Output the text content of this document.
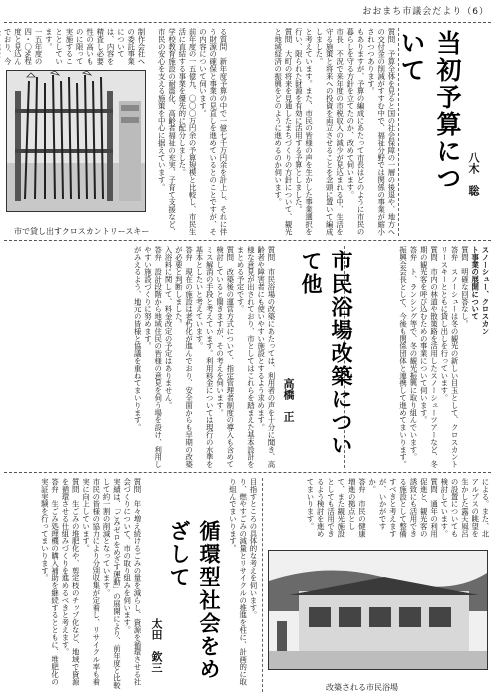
おおまち市議会だより（6）
当初予算について
八木　聡

質問　予算全体を見ると国の社会保障の一層の後退や、地方への交付金の削減がすすむ中で、福祉分野では関係の事業が縮小されつつあります。

もありますが、予算の編成にあたって市長はどのように市民の暮らしを守る方針を立てたのか、改めて伺います。

市長　不況で来年度の市税収入の減少が見込まれる中、生活を守る施策と将来への投資を両立させることを念頭に置いて編成しました。

と考えています。また、市民の皆様の声を生かした事業選択を行い、限られた財源を有効に活用する予算としました。

質問　大町の将来を見通したまちづくりの方針について、観光と地域経済の振興をどのように進めるのか伺います。

る質問　新年度予算の中で一億七千万円余を計上し、それに伴う財源の確保と事業の見直しを進めているとのことですが、その内容について伺います。

前年度の一五億九、〇〇〇万円余の予算規模と比較し、市民生活に直結する事業を優先的に配分しました。

学校教育施設の耐震化、高齢者福祉の充実、子育て支援など、市民の安心を支える施策を中心に据えています。

市で貸し出すクロスカントリースキー

制作会社への委託事業については、内容を精査し必要性の高いものに限って実施することとしています。

一五年度の四・〇%程度と見込んでおり、今

スノーシュー、クロスカン

ト事業の展開について

質問　明確な回答なし。

答弁　スノーシューは冬の観光の新しい目玉として、クロスカントリースキーとともに貸し出しを行っています。

質問　市内の林道や散策路を活用したスノーシューツアーなど、冬期の観光客を呼び込むための事業について伺います。

答弁　ト、ランシング等で、冬の観光振興に取り組んでいます。

振興会会長として、今後も関係団体と連携して進めてまいります。

市民浴場改築について他
高橋　正

質問　市民浴場の改築にあたっては、利用者の声を十分に聞き、高齢者や障害者にも使いやすい施設とするよう求めます。

様な意見が出されており、市としてはこれらを踏まえた基本設計をまとめる予定です。

質問　改築後の運営方式について、指定管理者制度の導入も含めて検討していると聞きますが、その考えを伺います。

ミス解消の手段と考えています。利用料金については現行の水準を基本としたいと考えています。

答弁　現在の施設は老朽化が進んでおり、安全面からも早期の改築が必要と判断しました。

入浴料に関して、料金改定の予定はありません。

答弁　設計段階から地域住民の皆様の意見を伺う場を設け、利用しやすい施設づくりに努めます。

がみえるよう、地元の皆様と協議を重ねてまいります。

による。また、北アルプスの眺望を生かした露天風呂の設置についても検討しています。

質問　通年の利用促進と、観光客の誘致にも活用できる施設として整備すべきと考えますが、いかがですか。

答弁　市民の健康増進の拠点として、また観光施設としても活用できるよう検討を進めてまいります。

改築される市民浴場

目指すところの具体的な考えを伺います。

り、燃やすごみの減量とリサイクルの推進を柱に、計画的に取り組んでまいります。

循環型社会をめざして
太田　欽三

質問　年々増え続けるごみの量を減らし、資源を循環させる社会づくりについて、市の取り組みを伺います。

実績は、「ごみゼロをめざす運動」の展開により、前年度と比較して約一割の削減となっています。

市民の皆様の協力により分別収集が定着し、リサイクル率も着実に向上しています。

質問　生ごみの堆肥化や、剪定枝のチップ化など、地域で資源を循環させる仕組みづくりを進めるべきと考えます。

答弁　生ごみ処理機の購入補助を継続するとともに、堆肥化の実証実験を行ってまいります。
